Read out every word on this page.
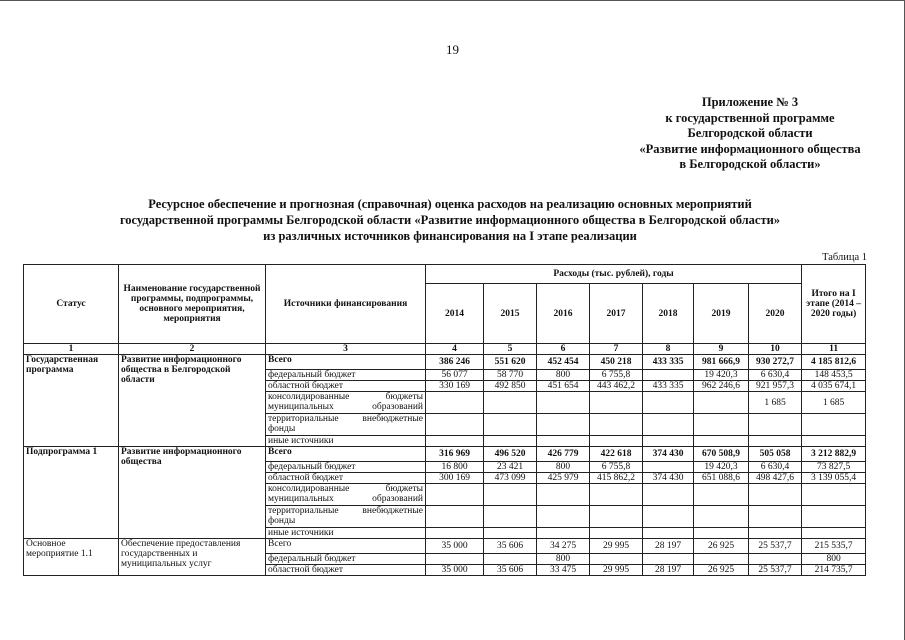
19
Приложение № 3
к государственной программе
Белгородской области
«Развитие информационного общества
в Белгородской области»
Ресурсное обеспечение и прогнозная (справочная) оценка расходов на реализацию основных мероприятий
государственной программы Белгородской области «Развитие информационного общества в Белгородской области»
из различных источников финансирования на I этапе реализации
Таблица 1
Статус	Наименование государственной программы, подпрограммы, основного мероприятия, мероприятия	Источники финансирования	Расходы (тыс. рублей), годы							Итого на I этапе (2014 – 2020 годы)
			2014	2015	2016	2017	2018	2019	2020	
1	2	3	4	5	6	7	8	9	10	11
Государственная программа	Развитие информационного общества в Белгородской области	Всего	386 246	551 620	452 454	450 218	433 335	981 666,9	930 272,7	4 185 812,6
		федеральный бюджет	56 077	58 770	800	6 755,8		19 420,3	6 630,4	148 453,5
		областной бюджет	330 169	492 850	451 654	443 462,2	433 335	962 246,6	921 957,3	4 035 674,1
		консолидированные бюджеты муниципальных образований							1 685	1 685
		территориальные внебюджетные фонды								
		иные источники								
Подпрограмма 1	Развитие информационного общества	Всего	316 969	496 520	426 779	422 618	374 430	670 508,9	505 058	3 212 882,9
		федеральный бюджет	16 800	23 421	800	6 755,8		19 420,3	6 630,4	73 827,5
		областной бюджет	300 169	473 099	425 979	415 862,2	374 430	651 088,6	498 427,6	3 139 055,4
		консолидированные бюджеты муниципальных образований								
		территориальные внебюджетные фонды								
		иные источники								
Основное мероприятие 1.1	Обеспечение предоставления государственных и муниципальных услуг	Всего	35 000	35 606	34 275	29 995	28 197	26 925	25 537,7	215 535,7
		федеральный бюджет			800					800
		областной бюджет	35 000	35 606	33 475	29 995	28 197	26 925	25 537,7	214 735,7
